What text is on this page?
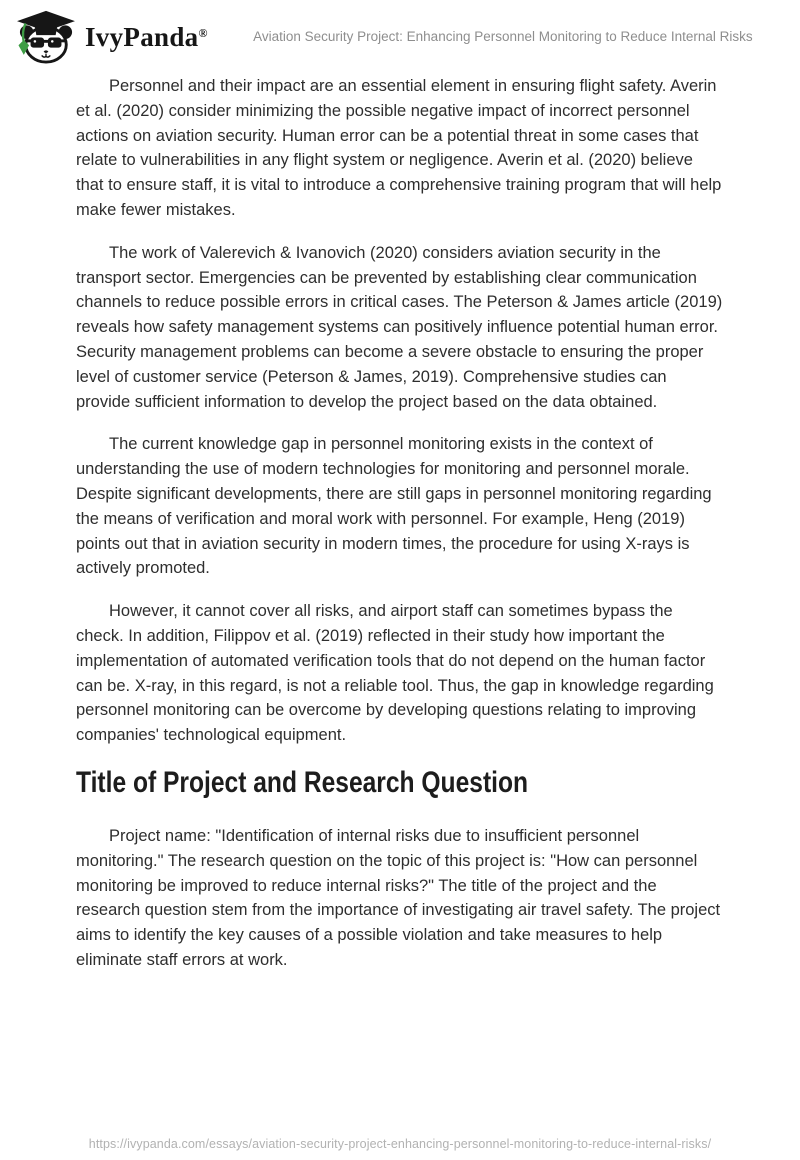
IvyPanda®	Aviation Security Project: Enhancing Personnel Monitoring to Reduce Internal Risks

Personnel and their impact are an essential element in ensuring flight safety. Averin et al. (2020) consider minimizing the possible negative impact of incorrect personnel actions on aviation security. Human error can be a potential threat in some cases that relate to vulnerabilities in any flight system or negligence. Averin et al. (2020) believe that to ensure staff, it is vital to introduce a comprehensive training program that will help make fewer mistakes.

The work of Valerevich & Ivanovich (2020) considers aviation security in the transport sector. Emergencies can be prevented by establishing clear communication channels to reduce possible errors in critical cases. The Peterson & James article (2019) reveals how safety management systems can positively influence potential human error. Security management problems can become a severe obstacle to ensuring the proper level of customer service (Peterson & James, 2019). Comprehensive studies can provide sufficient information to develop the project based on the data obtained.

The current knowledge gap in personnel monitoring exists in the context of understanding the use of modern technologies for monitoring and personnel morale. Despite significant developments, there are still gaps in personnel monitoring regarding the means of verification and moral work with personnel. For example, Heng (2019) points out that in aviation security in modern times, the procedure for using X-rays is actively promoted.

However, it cannot cover all risks, and airport staff can sometimes bypass the check. In addition, Filippov et al. (2019) reflected in their study how important the implementation of automated verification tools that do not depend on the human factor can be. X-ray, in this regard, is not a reliable tool. Thus, the gap in knowledge regarding personnel monitoring can be overcome by developing questions relating to improving companies' technological equipment.

Title of Project and Research Question

Project name: "Identification of internal risks due to insufficient personnel monitoring." The research question on the topic of this project is: "How can personnel monitoring be improved to reduce internal risks?" The title of the project and the research question stem from the importance of investigating air travel safety. The project aims to identify the key causes of a possible violation and take measures to help eliminate staff errors at work.

https://ivypanda.com/essays/aviation-security-project-enhancing-personnel-monitoring-to-reduce-internal-risks/
